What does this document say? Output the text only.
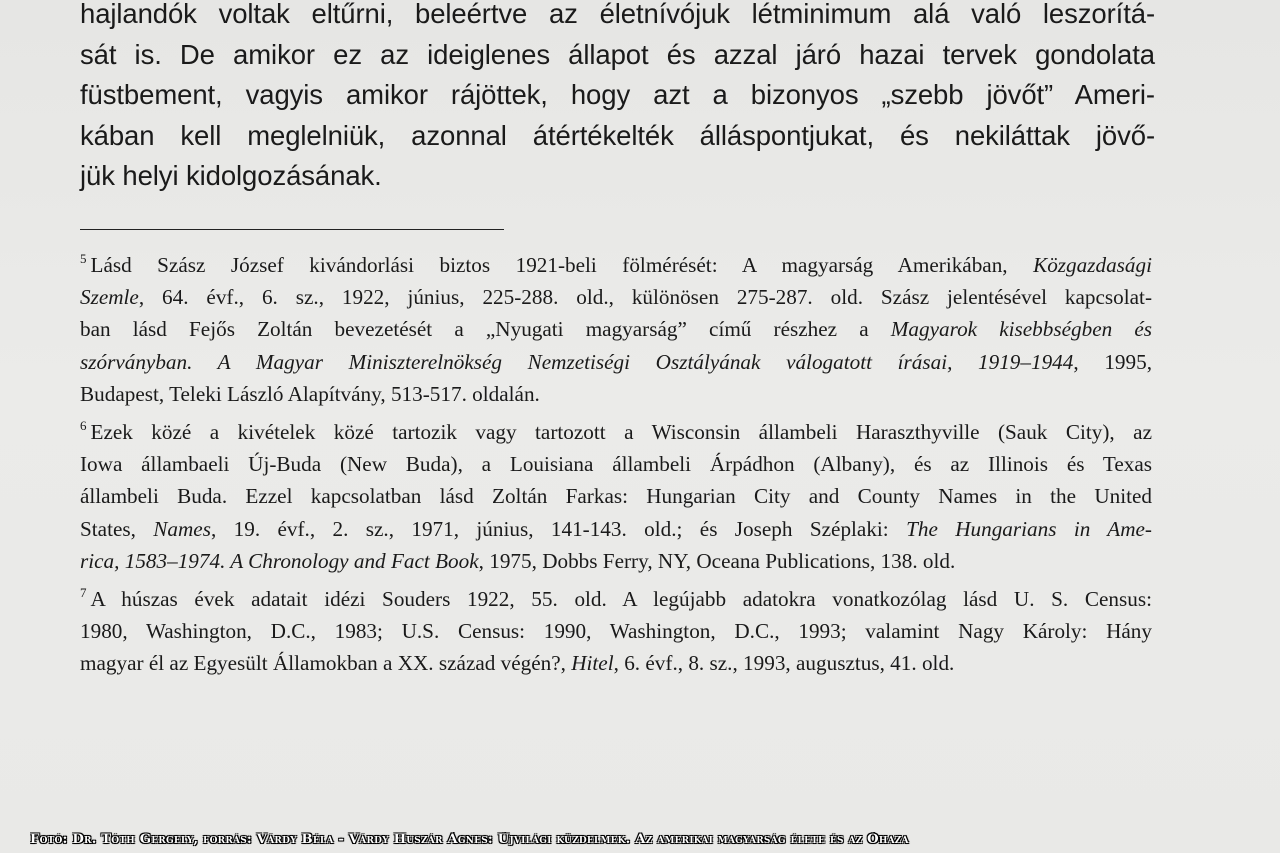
hajlandók voltak eltűrni, beleértve az életnívójuk létminimum alá való leszorítá-
sát is. De amikor ez az ideiglenes állapot és azzal járó hazai tervek gondolata
füstbement, vagyis amikor rájöttek, hogy azt a bizonyos „szebb jövőt” Ameri-
kában kell meglelniük, azonnal átértékelték álláspontjukat, és nekiláttak jövő-
jük helyi kidolgozásának.
$^5$ Lásd Szász József kivándorlási biztos 1921-beli fölmérését: A magyarság Amerikában, Közgazdasági
Szemle, 64. évf., 6. sz., 1922, június, 225-288. old., különösen 275-287. old. Szász jelentésével kapcsolat-
ban lásd Fejős Zoltán bevezetését a „Nyugati magyarság” című részhez a Magyarok kisebbségben és
szórványban. A Magyar Miniszterelnökség Nemzetiségi Osztályának válogatott írásai, 1919–1944, 1995,
Budapest, Teleki László Alapítvány, 513-517. oldalán.
$^6$ Ezek közé a kivételek közé tartozik vagy tartozott a Wisconsin állambeli Haraszthyville (Sauk City), az
Iowa állambaeli Új-Buda (New Buda), a Louisiana állambeli Árpádhon (Albany), és az Illinois és Texas
állambeli Buda. Ezzel kapcsolatban lásd Zoltán Farkas: Hungarian City and County Names in the United
States, Names, 19. évf., 2. sz., 1971, június, 141-143. old.; és Joseph Széplaki: The Hungarians in Ame-
rica, 1583–1974. A Chronology and Fact Book, 1975, Dobbs Ferry, NY, Oceana Publications, 138. old.
$^7$ A húszas évek adatait idézi Souders 1922, 55. old. A legújabb adatokra vonatkozólag lásd U. S. Census:
1980, Washington, D.C., 1983; U.S. Census: 1990, Washington, D.C., 1993; valamint Nagy Károly: Hány
magyar él az Egyesült Államokban a XX. század végén?, Hitel, 6. évf., 8. sz., 1993, augusztus, 41. old.
Fotó: Dr. Tóth Gergely, forrás: Várdy Béla - Várdy Huszár Ágnes: Újvilági küzdelmek. Az amerikai magyarság élete és az Óhaza
